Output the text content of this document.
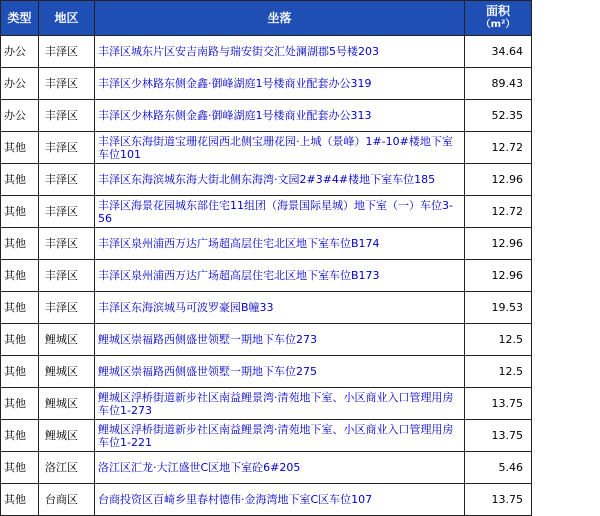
类型	地区	坐落	面积
（m²）
办公	丰泽区	丰泽区城东片区安吉南路与瑞安街交汇处澜湖郡5号楼203	34.64
办公	丰泽区	丰泽区少林路东侧金鑫·御峰湖庭1号楼商业配套办公319	89.43
办公	丰泽区	丰泽区少林路东侧金鑫·御峰湖庭1号楼商业配套办公313	52.35
其他	丰泽区	丰泽区东海街道宝珊花园西北侧宝珊花园·上城（景峰）1#-10#楼地下室车位101	12.72
其他	丰泽区	丰泽区东海滨城东海大街北侧东海湾·文园2#3#4#楼地下室车位185	12.96
其他	丰泽区	丰泽区海景花园城东部住宅11组团（海景国际星城）地下室（一）车位3-56	12.72
其他	丰泽区	丰泽区泉州浦西万达广场超高层住宅北区地下室车位B174	12.96
其他	丰泽区	丰泽区泉州浦西万达广场超高层住宅北区地下室车位B173	12.96
其他	丰泽区	丰泽区东海滨城马可波罗豪园B幢33	19.53
其他	鲤城区	鲤城区崇福路西侧盛世领墅一期地下车位273	12.5
其他	鲤城区	鲤城区崇福路西侧盛世领墅一期地下车位275	12.5
其他	鲤城区	鲤城区浮桥街道新步社区南益鲤景湾·清苑地下室、小区商业入口管理用房车位1-273	13.75
其他	鲤城区	鲤城区浮桥街道新步社区南益鲤景湾·清苑地下室、小区商业入口管理用房车位1-221	13.75
其他	洛江区	洛江区汇龙·大江盛世C区地下室砼6#205	5.46
其他	台商区	台商投资区百崎乡里春村德伟·金海湾地下室C区车位107	13.75
